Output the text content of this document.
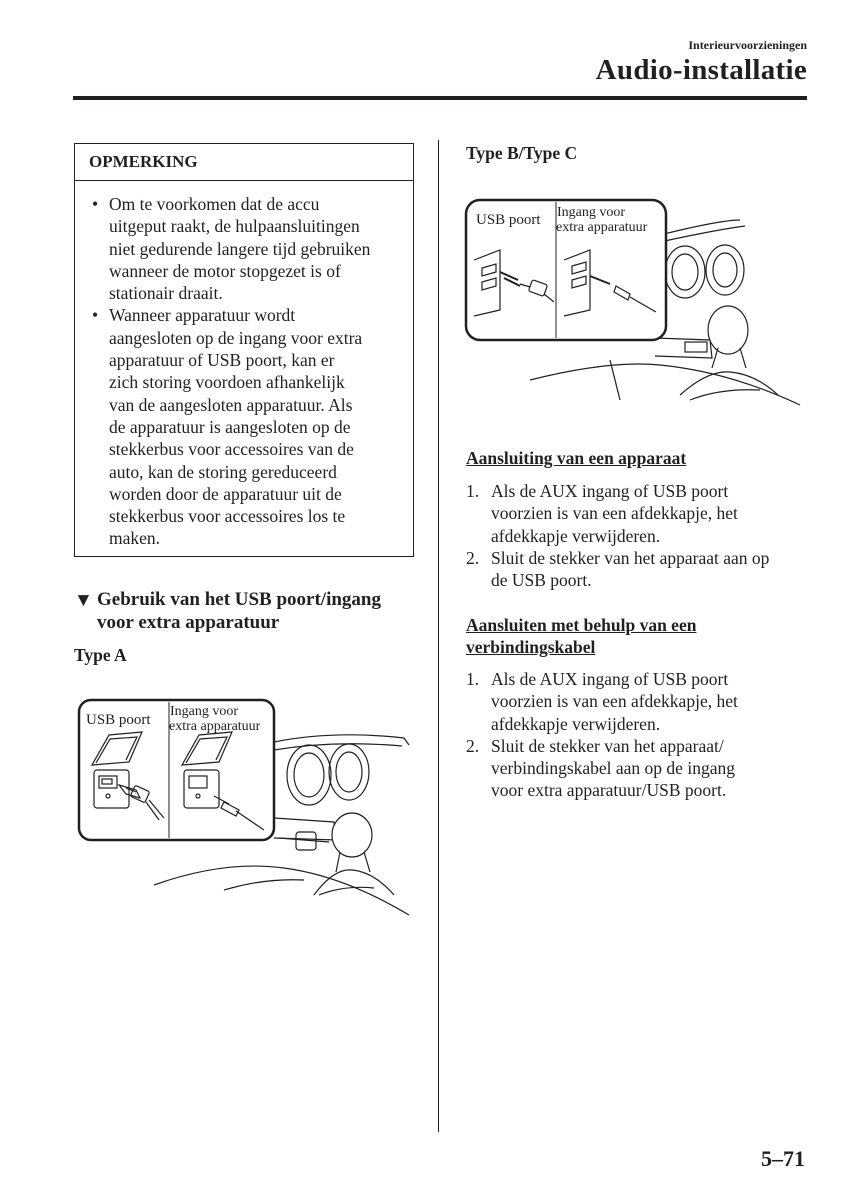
Interieurvoorzieningen
Audio-installatie
OPMERKING
• Om te voorkomen dat de accu
uitgeput raakt, de hulpaansluitingen
niet gedurende langere tijd gebruiken
wanneer de motor stopgezet is of
stationair draait.
• Wanneer apparatuur wordt
aangesloten op de ingang voor extra
apparatuur of USB poort, kan er
zich storing voordoen afhankelijk
van de aangesloten apparatuur. Als
de apparatuur is aangesloten op de
stekkerbus voor accessoires van de
auto, kan de storing gereduceerd
worden door de apparatuur uit de
stekkerbus voor accessoires los te
maken.
▼ Gebruik van het USB poort/ingang
voor extra apparatuur
Type A
USB poort
Ingang voor
extra apparatuur
Type B/Type C
USB poort Ingang voor
extra apparatuur
Aansluiting van een apparaat
1. Als de AUX ingang of USB poort
voorzien is van een afdekkapje, het
afdekkapje verwijderen.
2. Sluit de stekker van het apparaat aan op
de USB poort.
Aansluiten met behulp van een
verbindingskabel
1. Als de AUX ingang of USB poort
voorzien is van een afdekkapje, het
afdekkapje verwijderen.
2. Sluit de stekker van het apparaat/
verbindingskabel aan op de ingang
voor extra apparatuur/USB poort.
5–71
